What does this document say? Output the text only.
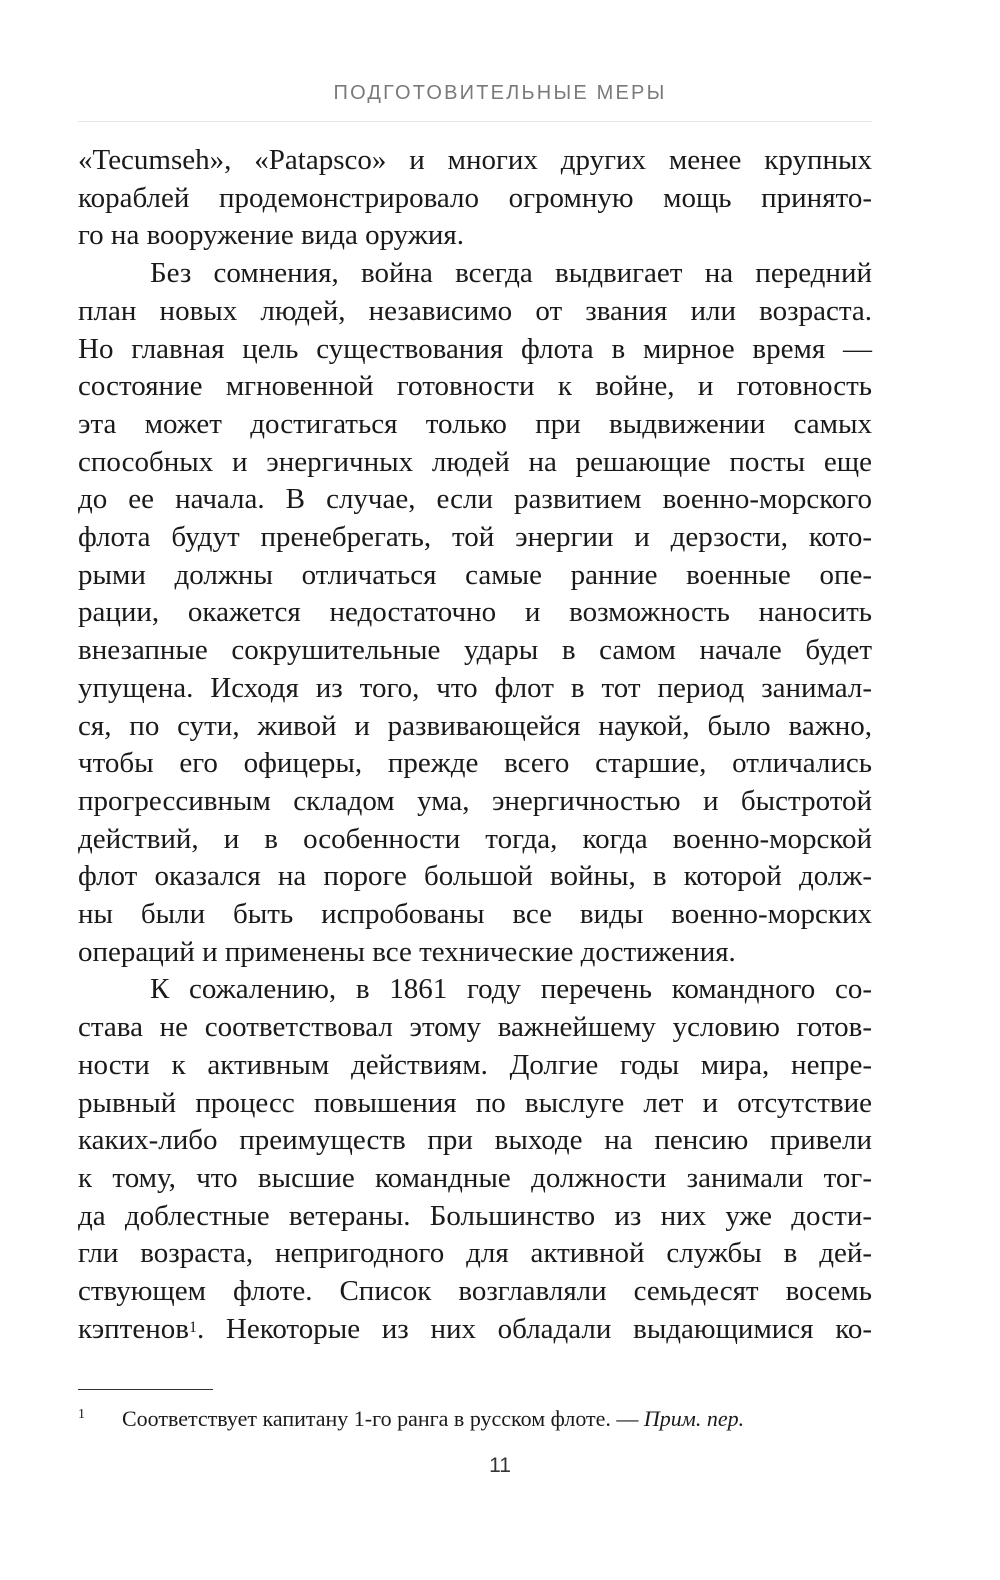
ПОДГОТОВИТЕЛЬНЫЕ МЕРЫ
«Tecumseh», «Patapsco» и многих других менее крупных
кораблей продемонстрировало огромную мощь принято-
го на вооружение вида оружия.
Без сомнения, война всегда выдвигает на передний
план новых людей, независимо от звания или возраста.
Но главная цель существования флота в мирное время —
состояние мгновенной готовности к войне, и готовность
эта может достигаться только при выдвижении самых
способных и энергичных людей на решающие посты еще
до ее начала. В случае, если развитием военно-морского
флота будут пренебрегать, той энергии и дерзости, кото-
рыми должны отличаться самые ранние военные опе-
рации, окажется недостаточно и возможность наносить
внезапные сокрушительные удары в самом начале будет
упущена. Исходя из того, что флот в тот период занимал-
ся, по сути, живой и развивающейся наукой, было важно,
чтобы его офицеры, прежде всего старшие, отличались
прогрессивным складом ума, энергичностью и быстротой
действий, и в особенности тогда, когда военно-морской
флот оказался на пороге большой войны, в которой долж-
ны были быть испробованы все виды военно-морских
операций и применены все технические достижения.
К сожалению, в 1861 году перечень командного со-
става не соответствовал этому важнейшему условию готов-
ности к активным действиям. Долгие годы мира, непре-
рывный процесс повышения по выслуге лет и отсутствие
каких-либо преимуществ при выходе на пенсию привели
к тому, что высшие командные должности занимали тог-
да доблестные ветераны. Большинство из них уже дости-
гли возраста, непригодного для активной службы в дей-
ствующем флоте. Список возглавляли семьдесят восемь
кэптенов$^1$. Некоторые из них обладали выдающимися ко-
1 Соответствует капитану 1-го ранга в русском флоте. — Прим. пер.
11
